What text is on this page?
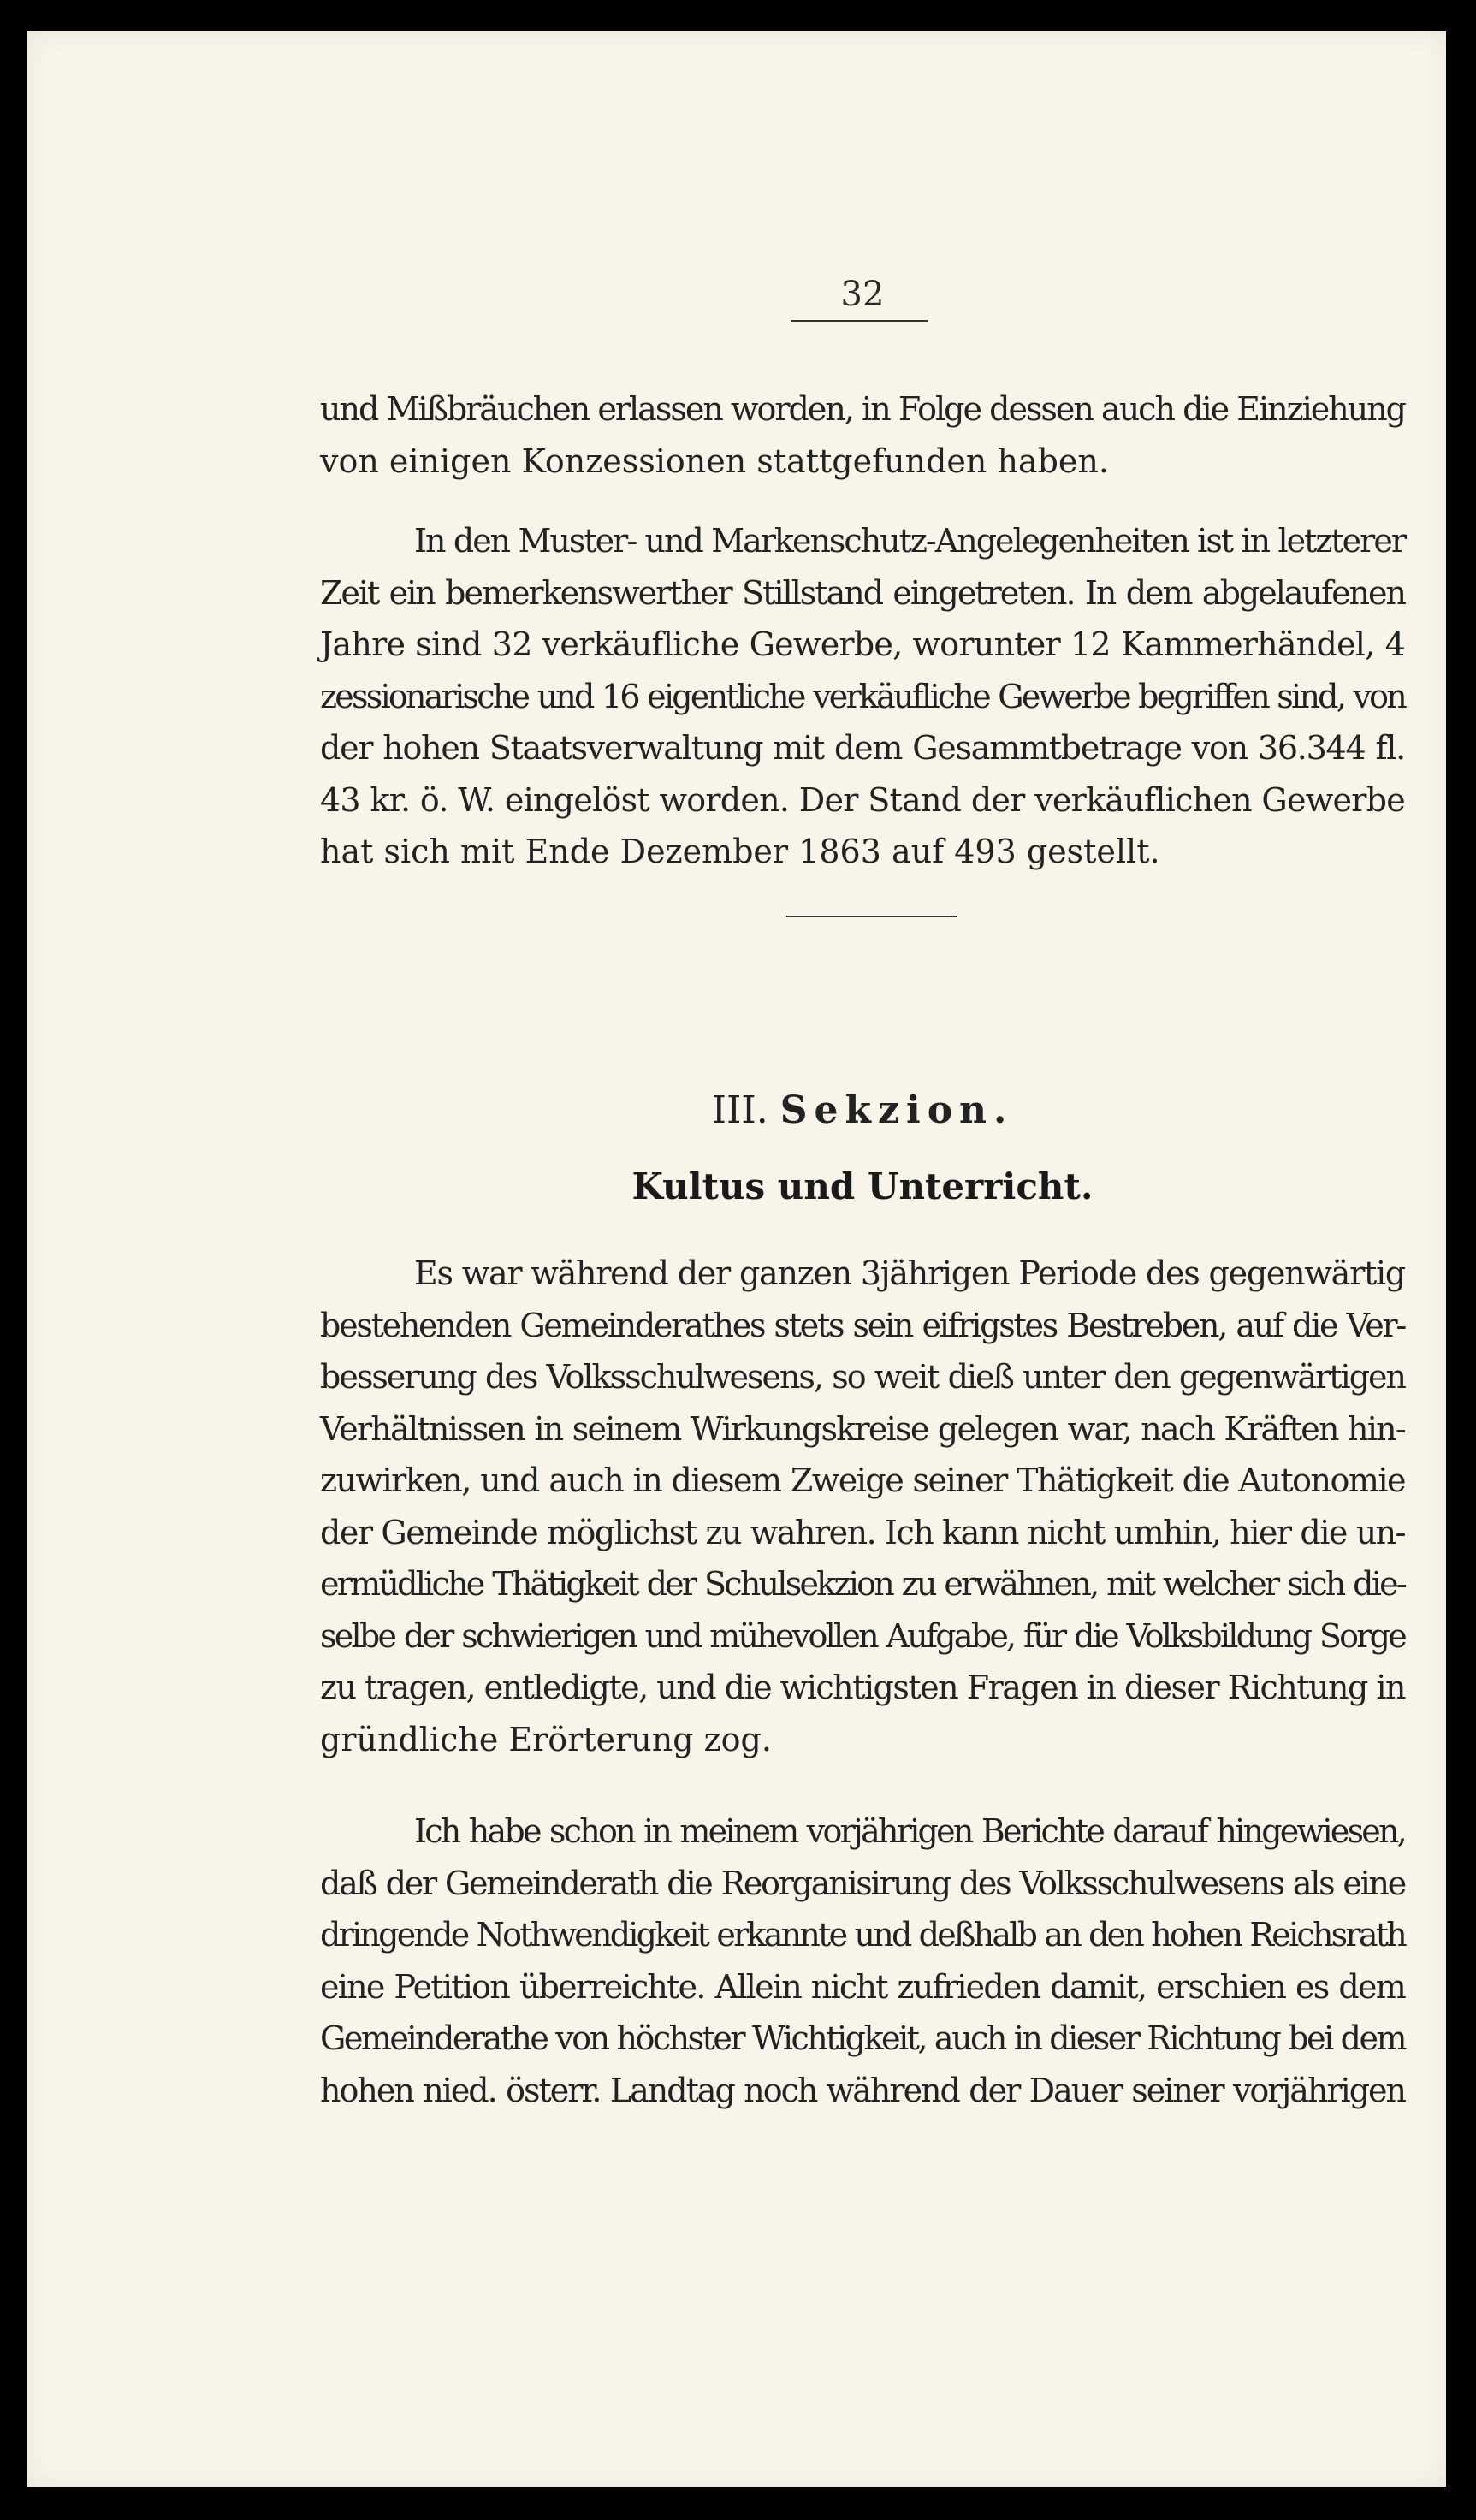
32

und Mißbräuchen erlassen worden, in Folge dessen auch die Einziehung
von einigen Konzessionen stattgefunden haben.

In den Muster- und Markenschutz-Angelegenheiten ist in letzterer
Zeit ein bemerkenswerther Stillstand eingetreten. In dem abgelaufenen
Jahre sind 32 verkäufliche Gewerbe, worunter 12 Kammerhändel, 4
zessionarische und 16 eigentliche verkäufliche Gewerbe begriffen sind, von
der hohen Staatsverwaltung mit dem Gesammtbetrage von 36.344 fl.
43 kr. ö. W. eingelöst worden. Der Stand der verkäuflichen Gewerbe
hat sich mit Ende Dezember 1863 auf 493 gestellt.

III. Sekzion.
Kultus und Unterricht.

Es war während der ganzen 3jährigen Periode des gegenwärtig
bestehenden Gemeinderathes stets sein eifrigstes Bestreben, auf die Ver-
besserung des Volksschulwesens, so weit dieß unter den gegenwärtigen
Verhältnissen in seinem Wirkungskreise gelegen war, nach Kräften hin-
zuwirken, und auch in diesem Zweige seiner Thätigkeit die Autonomie
der Gemeinde möglichst zu wahren. Ich kann nicht umhin, hier die un-
ermüdliche Thätigkeit der Schulsekzion zu erwähnen, mit welcher sich die-
selbe der schwierigen und mühevollen Aufgabe, für die Volksbildung Sorge
zu tragen, entledigte, und die wichtigsten Fragen in dieser Richtung in
gründliche Erörterung zog.

Ich habe schon in meinem vorjährigen Berichte darauf hingewiesen,
daß der Gemeinderath die Reorganisirung des Volksschulwesens als eine
dringende Nothwendigkeit erkannte und deßhalb an den hohen Reichsrath
eine Petition überreichte. Allein nicht zufrieden damit, erschien es dem
Gemeinderathe von höchster Wichtigkeit, auch in dieser Richtung bei dem
hohen nied. österr. Landtag noch während der Dauer seiner vorjährigen
